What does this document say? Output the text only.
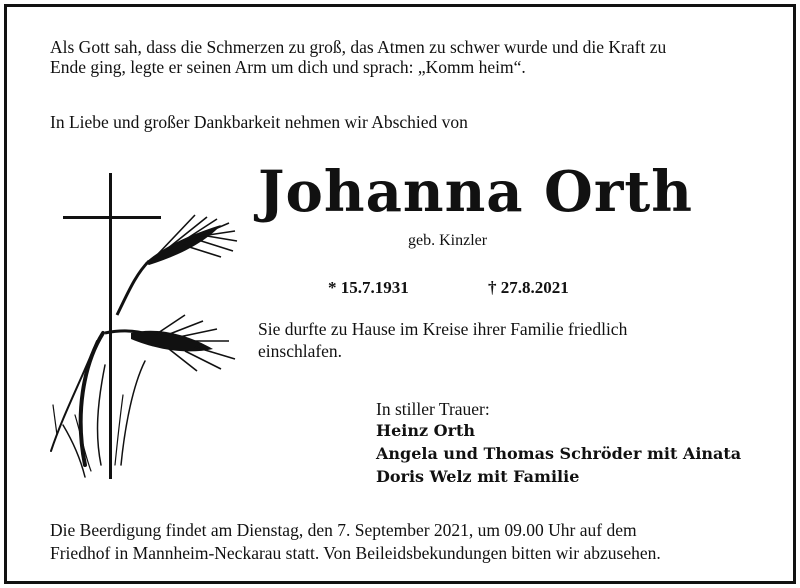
Als Gott sah, dass die Schmerzen zu groß, das Atmen zu schwer wurde und die Kraft zu
Ende ging, legte er seinen Arm um dich und sprach: „Komm heim“.
In Liebe und großer Dankbarkeit nehmen wir Abschied von
Johanna Orth
geb. Kinzler
* 15.7.1931	† 27.8.2021
Sie durfte zu Hause im Kreise ihrer Familie friedlich
einschlafen.
In stiller Trauer:
Heinz Orth
Angela und Thomas Schröder mit Ainata
Doris Welz mit Familie
Die Beerdigung findet am Dienstag, den 7. September 2021, um 09.00 Uhr auf dem
Friedhof in Mannheim-Neckarau statt. Von Beileidsbekundungen bitten wir abzusehen.
